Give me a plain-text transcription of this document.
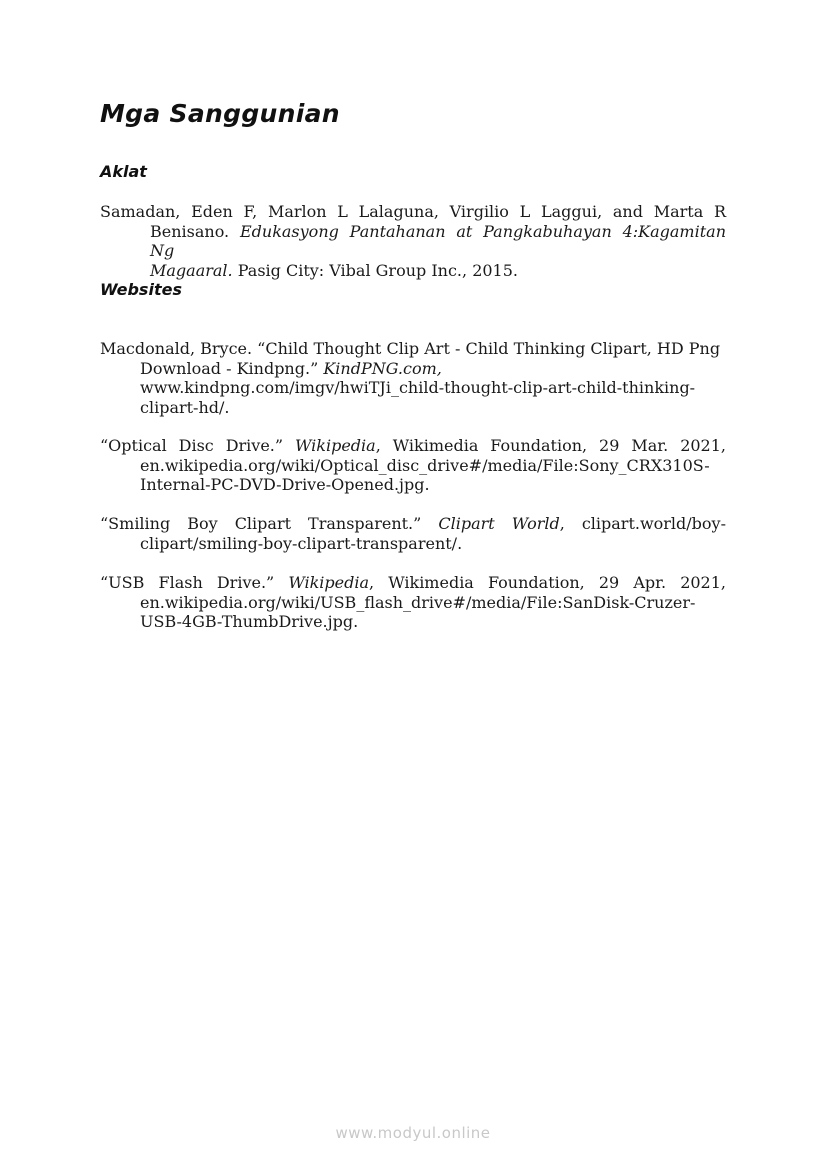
Mga Sanggunian
Aklat
Samadan, Eden F, Marlon L Lalaguna, Virgilio L Laggui, and Marta R
Benisano. Edukasyong Pantahanan at Pangkabuhayan 4:Kagamitan Ng
Magaaral. Pasig City: Vibal Group Inc., 2015.
Websites
Macdonald, Bryce. “Child Thought Clip Art - Child Thinking Clipart, HD Png
Download - Kindpng.” KindPNG.com,
www.kindpng.com/imgv/hwiTJi_child-thought-clip-art-child-thinking-
clipart-hd/.
“Optical Disc Drive.” Wikipedia, Wikimedia Foundation, 29 Mar. 2021,
en.wikipedia.org/wiki/Optical_disc_drive#/media/File:Sony_CRX310S-
Internal-PC-DVD-Drive-Opened.jpg.
“Smiling Boy Clipart Transparent.” Clipart World, clipart.world/boy-
clipart/smiling-boy-clipart-transparent/.
“USB Flash Drive.” Wikipedia, Wikimedia Foundation, 29 Apr. 2021,
en.wikipedia.org/wiki/USB_flash_drive#/media/File:SanDisk-Cruzer-
USB-4GB-ThumbDrive.jpg.
www.modyul.online
